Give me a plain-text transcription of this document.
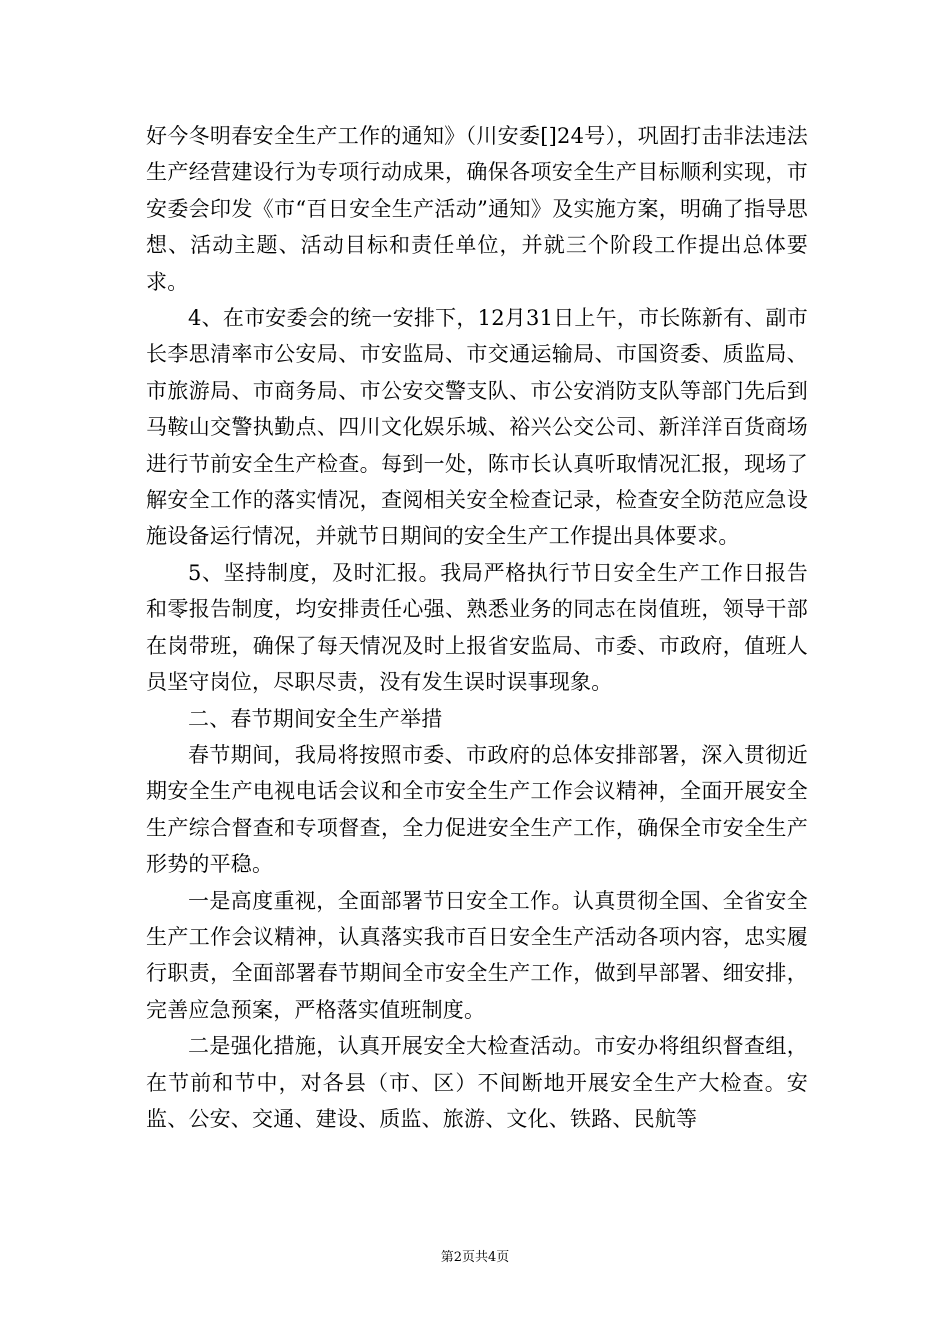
好今冬明春安全生产工作的通知》（川安委[]24号），巩固打击非法违法生产经营建设行为专项行动成果，确保各项安全生产目标顺利实现，市安委会印发《市“百日安全生产活动”通知》及实施方案，明确了指导思想、活动主题、活动目标和责任单位，并就三个阶段工作提出总体要求。

4、在市安委会的统一安排下，12月31日上午，市长陈新有、副市长李思清率市公安局、市安监局、市交通运输局、市国资委、质监局、市旅游局、市商务局、市公安交警支队、市公安消防支队等部门先后到马鞍山交警执勤点、四川文化娱乐城、裕兴公交公司、新洋洋百货商场进行节前安全生产检查。每到一处，陈市长认真听取情况汇报，现场了解安全工作的落实情况，查阅相关安全检查记录，检查安全防范应急设施设备运行情况，并就节日期间的安全生产工作提出具体要求。

5、坚持制度，及时汇报。我局严格执行节日安全生产工作日报告和零报告制度，均安排责任心强、熟悉业务的同志在岗值班，领导干部在岗带班，确保了每天情况及时上报省安监局、市委、市政府，值班人员坚守岗位，尽职尽责，没有发生误时误事现象。

二、春节期间安全生产举措

春节期间，我局将按照市委、市政府的总体安排部署，深入贯彻近期安全生产电视电话会议和全市安全生产工作会议精神，全面开展安全生产综合督查和专项督查，全力促进安全生产工作，确保全市安全生产形势的平稳。

一是高度重视，全面部署节日安全工作。认真贯彻全国、全省安全生产工作会议精神，认真落实我市百日安全生产活动各项内容，忠实履行职责，全面部署春节期间全市安全生产工作，做到早部署、细安排，完善应急预案，严格落实值班制度。

二是强化措施，认真开展安全大检查活动。市安办将组织督查组，在节前和节中，对各县（市、区）不间断地开展安全生产大检查。安监、公安、交通、建设、质监、旅游、文化、铁路、民航等

第2页共4页
